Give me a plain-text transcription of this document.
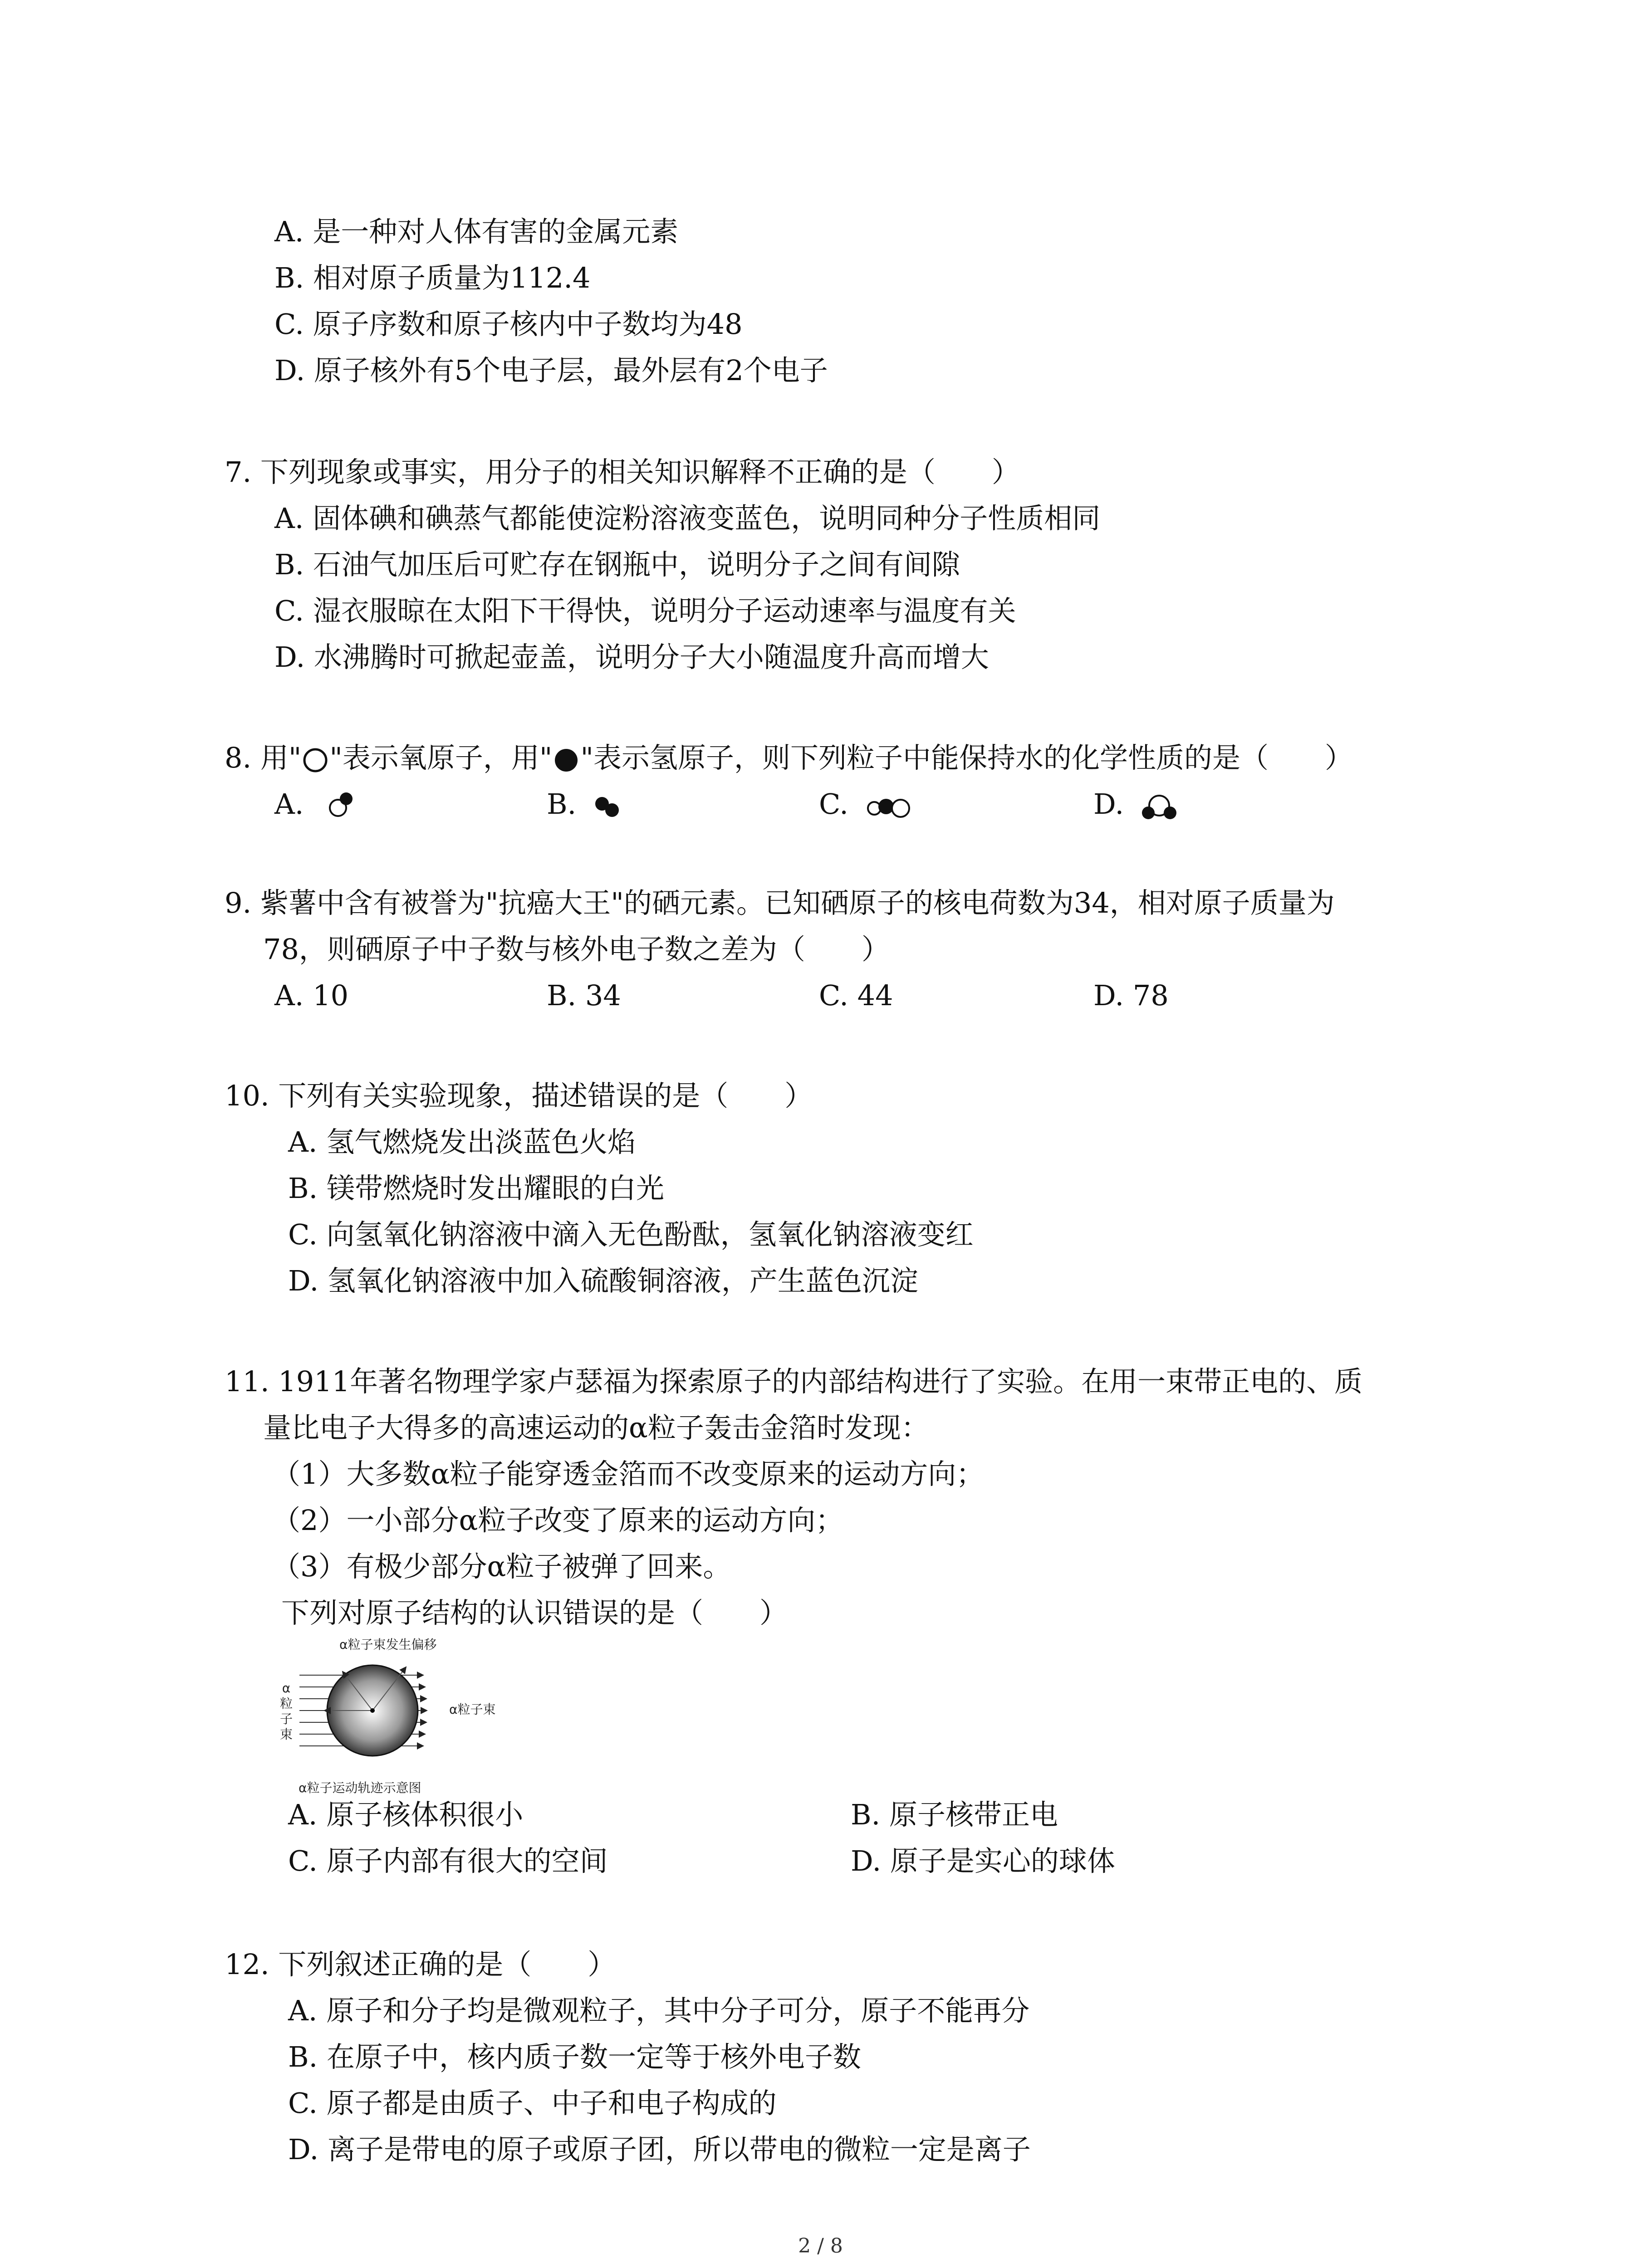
A. 是一种对人体有害的金属元素
B. 相对原子质量为112.4
C. 原子序数和原子核内中子数均为48
D. 原子核外有5个电子层，最外层有2个电子
7. 下列现象或事实，用分子的相关知识解释不正确的是（　　）
A. 固体碘和碘蒸气都能使淀粉溶液变蓝色，说明同种分子性质相同
B. 石油气加压后可贮存在钢瓶中，说明分子之间有间隙
C. 湿衣服晾在太阳下干得快，说明分子运动速率与温度有关
D. 水沸腾时可掀起壶盖，说明分子大小随温度升高而增大
8. 用" "表示氧原子，用" "表示氢原子，则下列粒子中能保持水的化学性质的是（　　）
A.	B.	C.	D.
9. 紫薯中含有被誉为"抗癌大王"的硒元素。已知硒原子的核电荷数为34，相对原子质量为
78，则硒原子中子数与核外电子数之差为（　　）
A. 10	B. 34	C. 44	D. 78
10. 下列有关实验现象，描述错误的是（　　）
A. 氢气燃烧发出淡蓝色火焰
B. 镁带燃烧时发出耀眼的白光
C. 向氢氧化钠溶液中滴入无色酚酞，氢氧化钠溶液变红
D. 氢氧化钠溶液中加入硫酸铜溶液，产生蓝色沉淀
11. 1911年著名物理学家卢瑟福为探索原子的内部结构进行了实验。在用一束带正电的、质
量比电子大得多的高速运动的α粒子轰击金箔时发现：
（1）大多数α粒子能穿透金箔而不改变原来的运动方向；
（2）一小部分α粒子改变了原来的运动方向；
（3）有极少部分α粒子被弹了回来。
下列对原子结构的认识错误的是（　　）
α粒子束发生偏移
α
粒
子
束
α粒子束
α粒子运动轨迹示意图
A. 原子核体积很小	B. 原子核带正电
C. 原子内部有很大的空间	D. 原子是实心的球体
12. 下列叙述正确的是（　　）
A. 原子和分子均是微观粒子，其中分子可分，原子不能再分
B. 在原子中，核内质子数一定等于核外电子数
C. 原子都是由质子、中子和电子构成的
D. 离子是带电的原子或原子团，所以带电的微粒一定是离子
2 / 8
